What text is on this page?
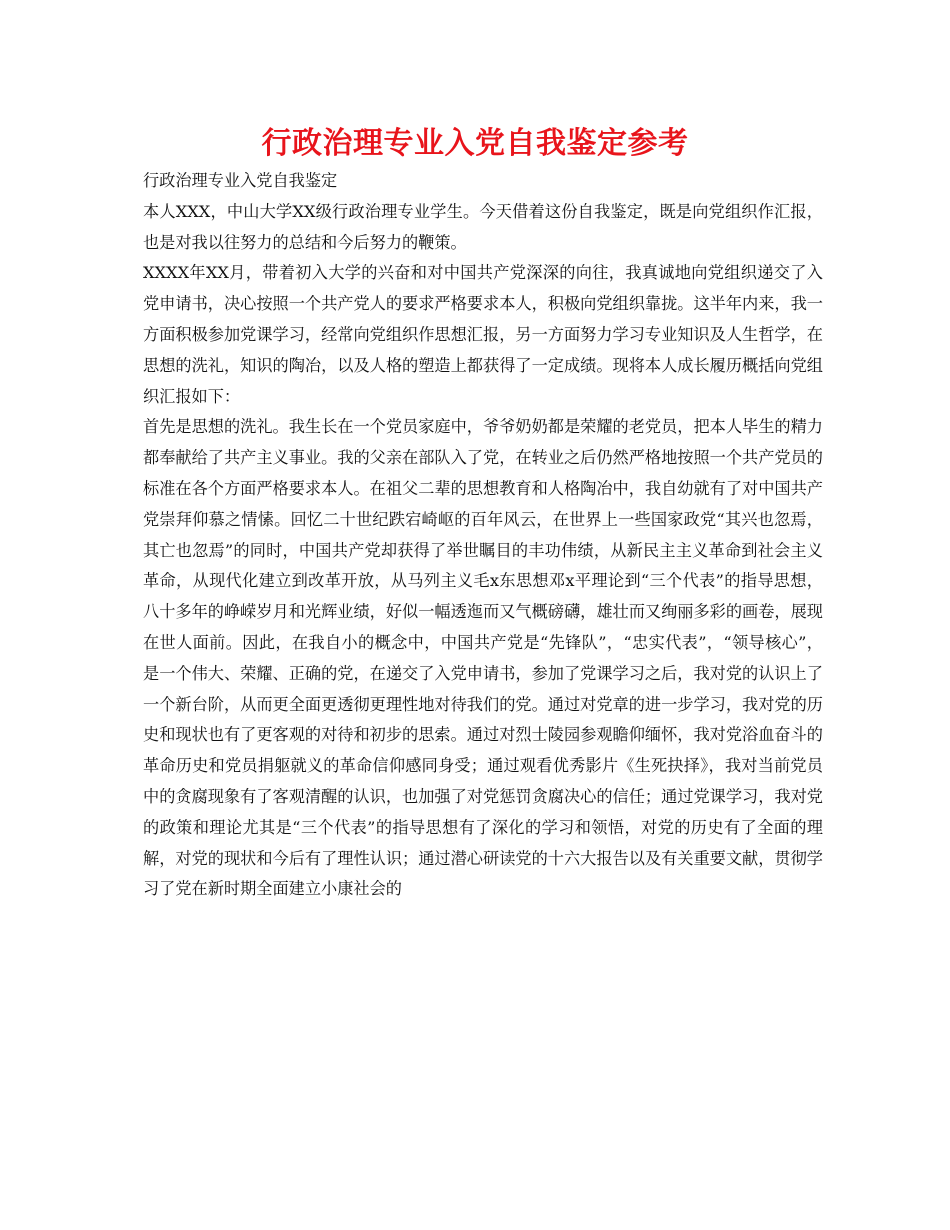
行政治理专业入党自我鉴定参考

行政治理专业入党自我鉴定

本人XXX，中山大学XX级行政治理专业学生。今天借着这份自我鉴定，既是向党组织作汇报，也是对我以往努力的总结和今后努力的鞭策。

XXXX年XX月，带着初入大学的兴奋和对中国共产党深深的向往，我真诚地向党组织递交了入党申请书，决心按照一个共产党人的要求严格要求本人，积极向党组织靠拢。这半年内来，我一方面积极参加党课学习，经常向党组织作思想汇报，另一方面努力学习专业知识及人生哲学，在思想的洗礼，知识的陶冶，以及人格的塑造上都获得了一定成绩。现将本人成长履历概括向党组织汇报如下：

首先是思想的洗礼。我生长在一个党员家庭中，爷爷奶奶都是荣耀的老党员，把本人毕生的精力都奉献给了共产主义事业。我的父亲在部队入了党，在转业之后仍然严格地按照一个共产党员的标准在各个方面严格要求本人。在祖父二辈的思想教育和人格陶冶中，我自幼就有了对中国共产党崇拜仰慕之情愫。回忆二十世纪跌宕崎岖的百年风云，在世界上一些国家政党“其兴也忽焉，其亡也忽焉”的同时，中国共产党却获得了举世瞩目的丰功伟绩，从新民主主义革命到社会主义革命，从现代化建立到改革开放，从马列主义毛x东思想邓x平理论到“三个代表”的指导思想，八十多年的峥嵘岁月和光辉业绩，好似一幅透迤而又气概磅礴，雄壮而又绚丽多彩的画卷，展现在世人面前。因此，在我自小的概念中，中国共产党是“先锋队”，“忠实代表”，“领导核心”，是一个伟大、荣耀、正确的党，在递交了入党申请书，参加了党课学习之后，我对党的认识上了一个新台阶，从而更全面更透彻更理性地对待我们的党。通过对党章的进一步学习，我对党的历史和现状也有了更客观的对待和初步的思索。通过对烈士陵园参观瞻仰缅怀，我对党浴血奋斗的革命历史和党员捐躯就义的革命信仰感同身受；通过观看优秀影片《生死抉择》，我对当前党员中的贪腐现象有了客观清醒的认识，也加强了对党惩罚贪腐决心的信任；通过党课学习，我对党的政策和理论尤其是“三个代表”的指导思想有了深化的学习和领悟，对党的历史有了全面的理解，对党的现状和今后有了理性认识；通过潜心研读党的十六大报告以及有关重要文献，贯彻学习了党在新时期全面建立小康社会的
